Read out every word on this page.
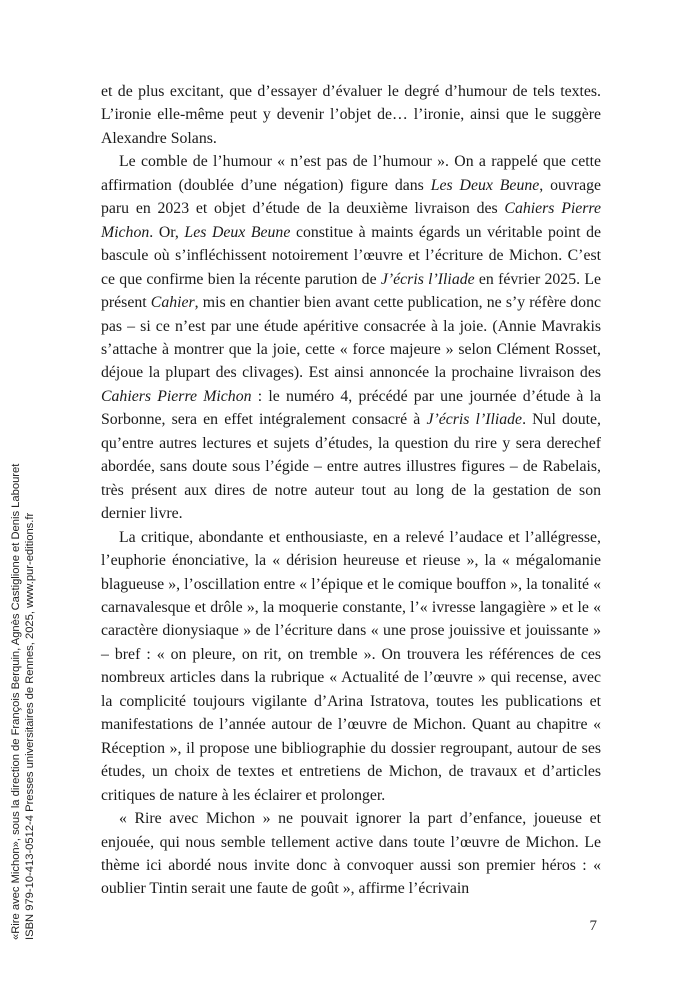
«Rire avec Michon», sous la direction de François Berquin, Agnès Castiglione et Denis Labouret ISBN 979-10-413-0512-4 Presses universitaires de Rennes, 2025, www.pur-editions.fr

et de plus excitant, que d’essayer d’évaluer le degré d’humour de tels textes. L’ironie elle-même peut y devenir l’objet de… l’ironie, ainsi que le suggère Alexandre Solans.

Le comble de l’humour « n’est pas de l’humour ». On a rappelé que cette affirmation (doublée d’une négation) figure dans Les Deux Beune, ouvrage paru en 2023 et objet d’étude de la deuxième livraison des Cahiers Pierre Michon. Or, Les Deux Beune constitue à maints égards un véritable point de bascule où s’infléchissent notoirement l’œuvre et l’écriture de Michon. C’est ce que confirme bien la récente parution de J’écris l’Iliade en février 2025. Le présent Cahier, mis en chantier bien avant cette publication, ne s’y réfère donc pas – si ce n’est par une étude apéritive consacrée à la joie. (Annie Mavrakis s’attache à montrer que la joie, cette « force majeure » selon Clément Rosset, déjoue la plupart des clivages). Est ainsi annoncée la prochaine livraison des Cahiers Pierre Michon : le numéro 4, précédé par une journée d’étude à la Sorbonne, sera en effet intégralement consacré à J’écris l’Iliade. Nul doute, qu’entre autres lectures et sujets d’études, la question du rire y sera derechef abordée, sans doute sous l’égide – entre autres illustres figures – de Rabelais, très présent aux dires de notre auteur tout au long de la gestation de son dernier livre.

La critique, abondante et enthousiaste, en a relevé l’audace et l’allégresse, l’euphorie énonciative, la « dérision heureuse et rieuse », la « mégalomanie blagueuse », l’oscillation entre « l’épique et le comique bouffon », la tonalité « carnavalesque et drôle », la moquerie constante, l’« ivresse langagière » et le « caractère dionysiaque » de l’écriture dans « une prose jouissive et jouissante » – bref : « on pleure, on rit, on tremble ». On trouvera les références de ces nombreux articles dans la rubrique « Actualité de l’œuvre » qui recense, avec la complicité toujours vigilante d’Arina Istratova, toutes les publications et manifestations de l’année autour de l’œuvre de Michon. Quant au chapitre « Réception », il propose une bibliographie du dossier regroupant, autour de ses études, un choix de textes et entretiens de Michon, de travaux et d’articles critiques de nature à les éclairer et prolonger.

« Rire avec Michon » ne pouvait ignorer la part d’enfance, joueuse et enjouée, qui nous semble tellement active dans toute l’œuvre de Michon. Le thème ici abordé nous invite donc à convoquer aussi son premier héros : « oublier Tintin serait une faute de goût », affirme l’écrivain

7
